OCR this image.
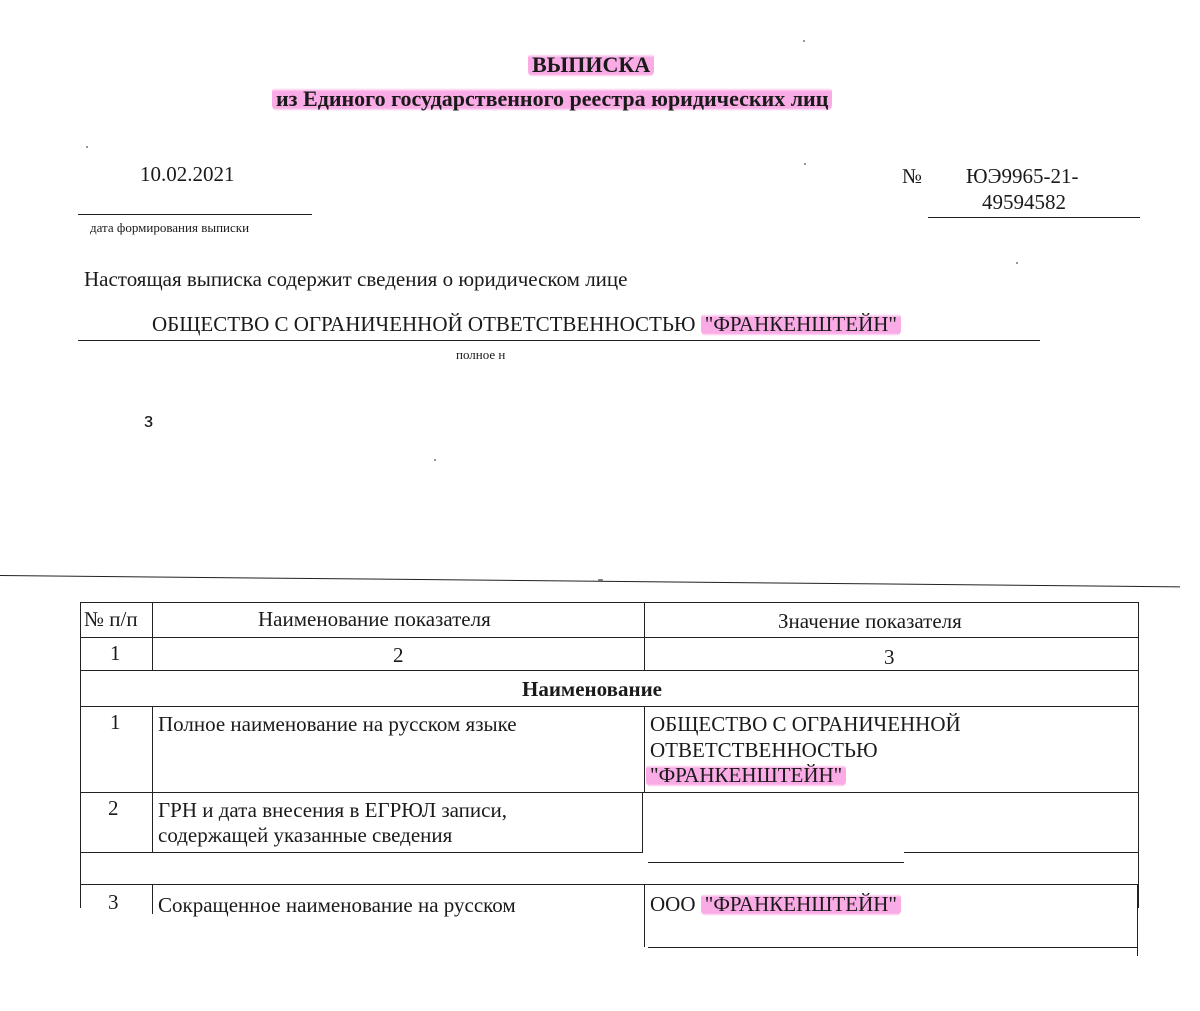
ВЫПИСКА
из Единого государственного реестра юридических лиц
10.02.2021
дата формирования выписки
№ ЮЭ9965-21-
49594582
Настоящая выписка содержит сведения о юридическом лице
ОБЩЕСТВО С ОГРАНИЧЕННОЙ ОТВЕТСТВЕННОСТЬЮ "ФРАНКЕНШТЕЙН"
полное н
з
№ п/п	Наименование показателя	Значение показателя
1	2	3
Наименование
1 Полное наименование на русском языке	ОБЩЕСТВО С ОГРАНИЧЕННОЙ
ОТВЕТСТВЕННОСТЬЮ
"ФРАНКЕНШТЕЙН"
2 ГРН и дата внесения в ЕГРЮЛ записи,
содержащей указанные сведения
3 Сокращенное наименование на русском	ООО "ФРАНКЕНШТЕЙН"
